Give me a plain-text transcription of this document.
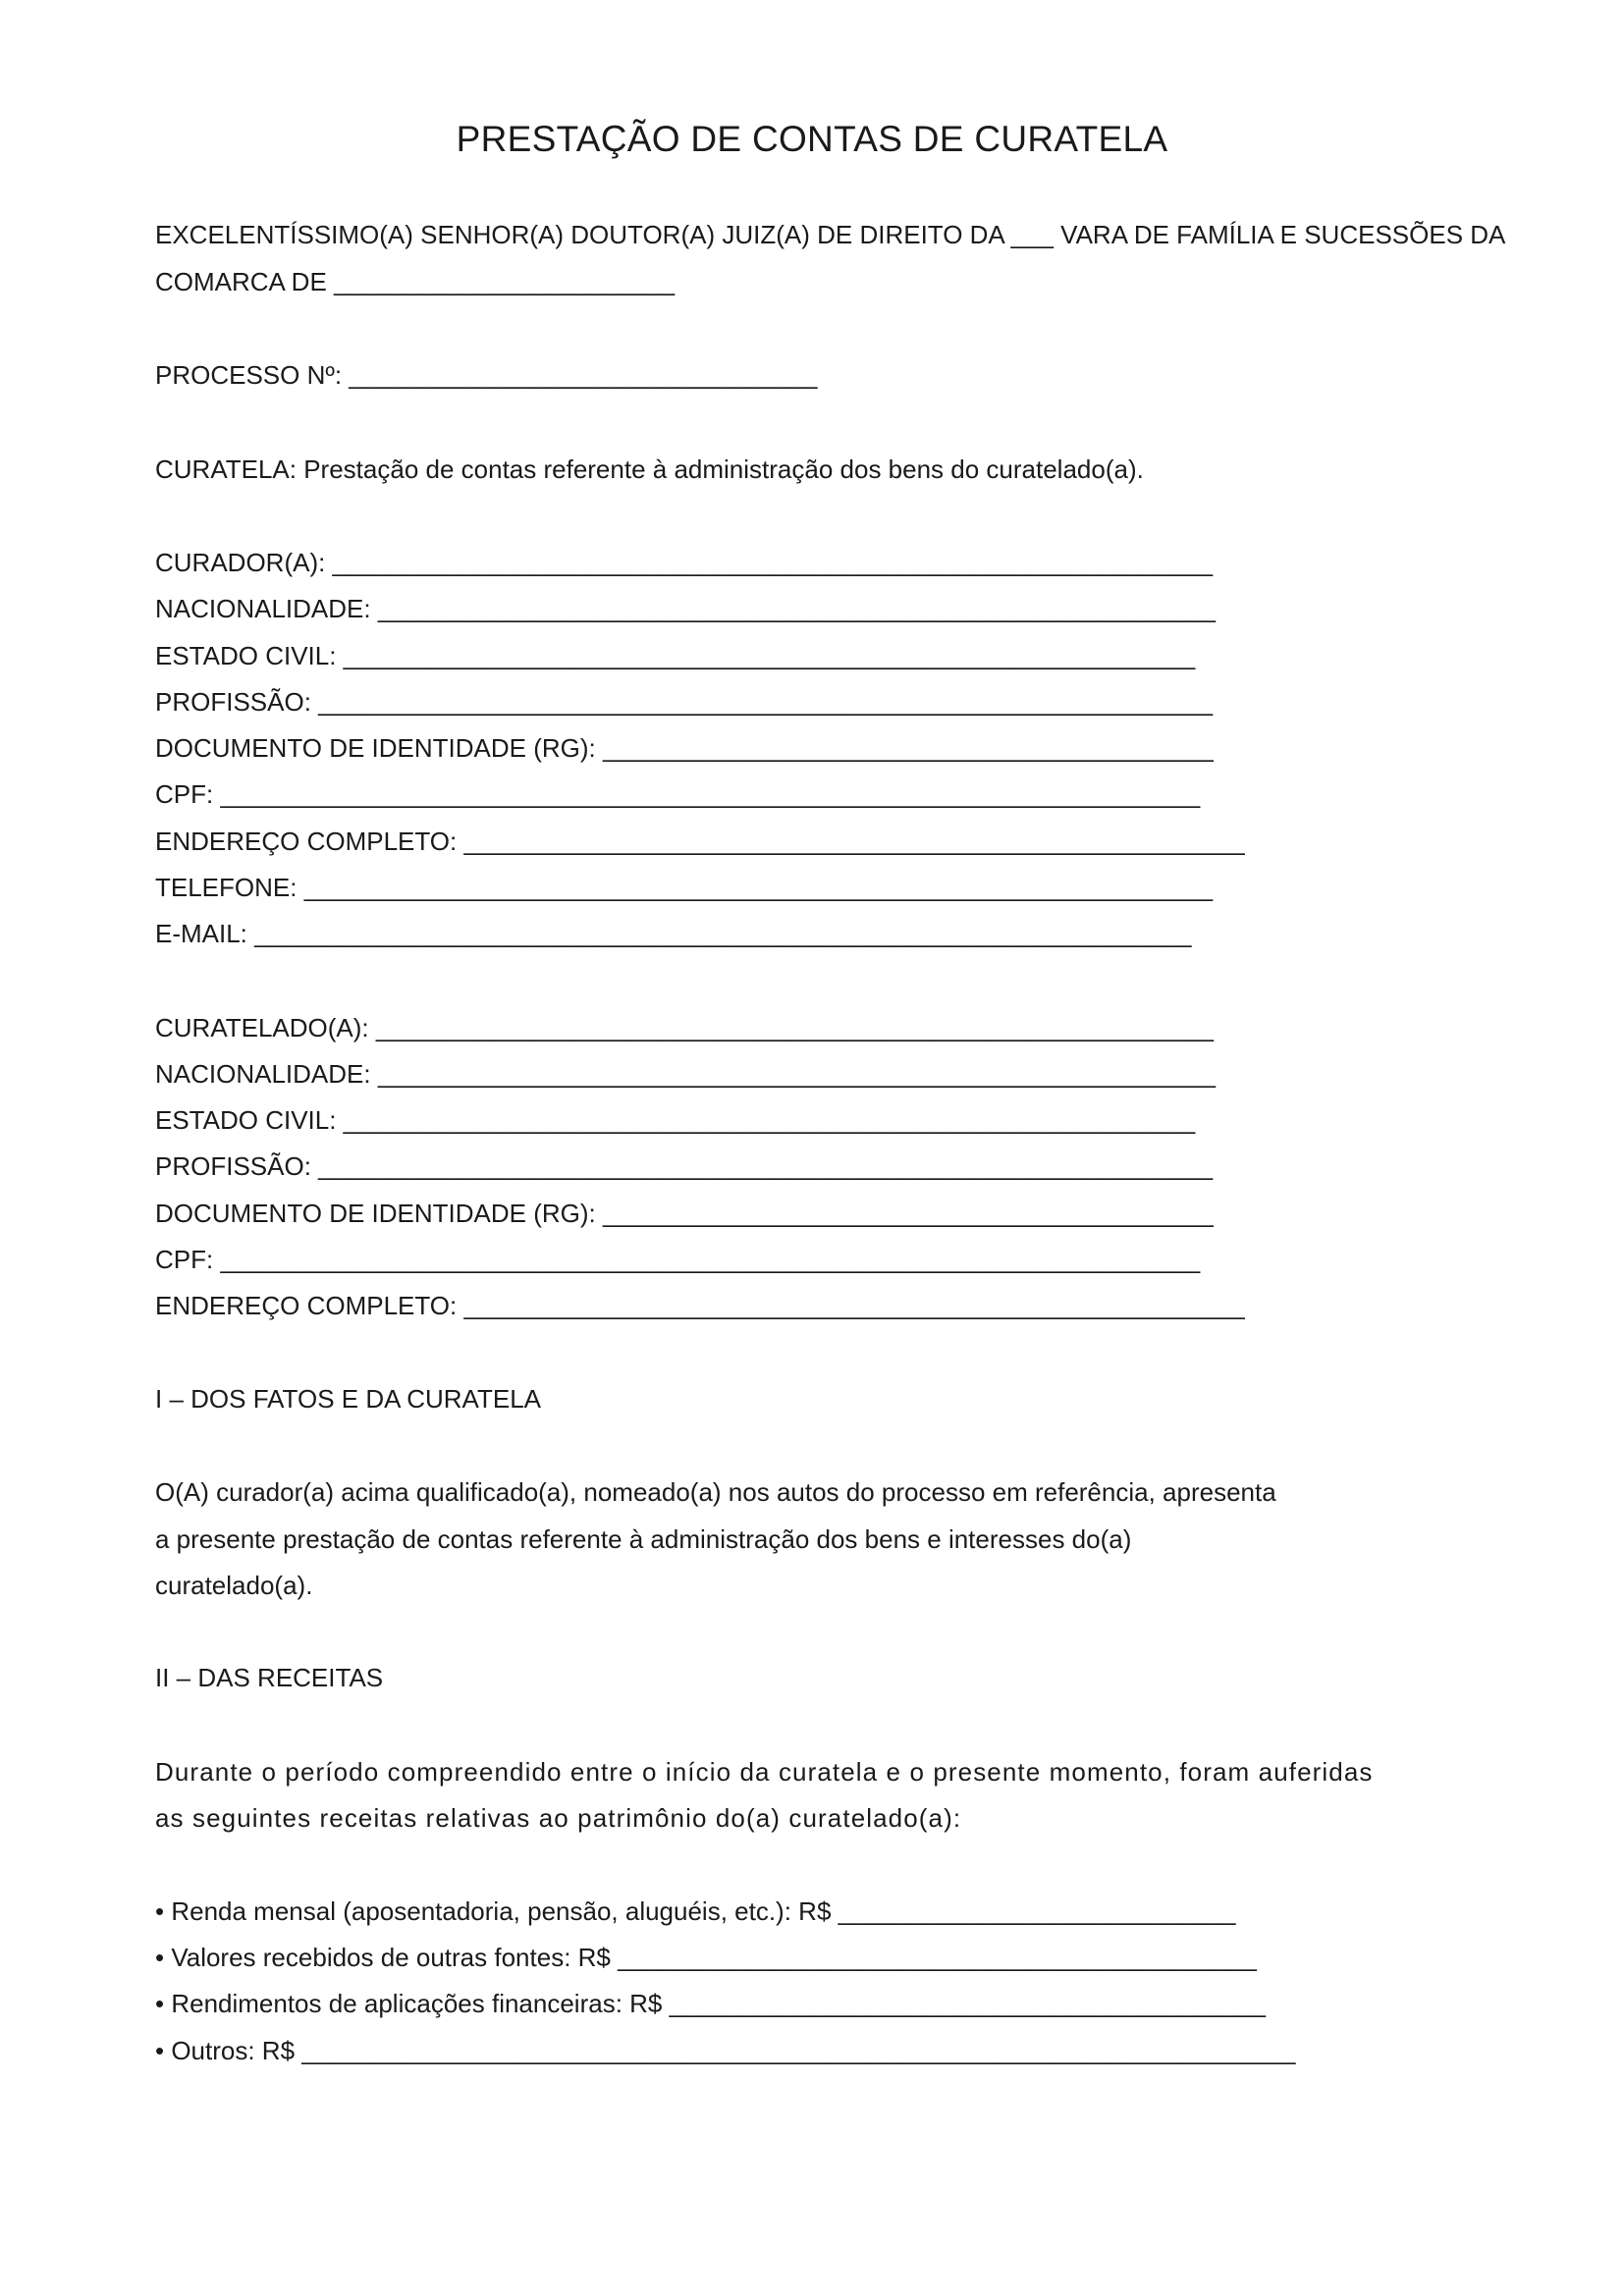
PRESTAÇÃO DE CONTAS DE CURATELA
EXCELENTÍSSIMO(A) SENHOR(A) DOUTOR(A) JUIZ(A) DE DIREITO DA ___ VARA DE FAMÍLIA E SUCESSÕES DA
COMARCA DE ________________________
PROCESSO Nº: _________________________________
CURATELA: Prestação de contas referente à administração dos bens do curatelado(a).
CURADOR(A): ______________________________________________________________
NACIONALIDADE: ___________________________________________________________
ESTADO CIVIL: ____________________________________________________________
PROFISSÃO: _______________________________________________________________
DOCUMENTO DE IDENTIDADE (RG): ___________________________________________
CPF: _____________________________________________________________________
ENDEREÇO COMPLETO: _______________________________________________________
TELEFONE: ________________________________________________________________
E-MAIL: __________________________________________________________________
CURATELADO(A): ___________________________________________________________
NACIONALIDADE: ___________________________________________________________
ESTADO CIVIL: ____________________________________________________________
PROFISSÃO: _______________________________________________________________
DOCUMENTO DE IDENTIDADE (RG): ___________________________________________
CPF: _____________________________________________________________________
ENDEREÇO COMPLETO: _______________________________________________________
I – DOS FATOS E DA CURATELA
O(A) curador(a) acima qualificado(a), nomeado(a) nos autos do processo em referência, apresenta
a presente prestação de contas referente à administração dos bens e interesses do(a)
curatelado(a).
II – DAS RECEITAS
Durante o período compreendido entre o início da curatela e o presente momento, foram auferidas
as seguintes receitas relativas ao patrimônio do(a) curatelado(a):
• Renda mensal (aposentadoria, pensão, aluguéis, etc.): R$ ____________________________
• Valores recebidos de outras fontes: R$ _____________________________________________
• Rendimentos de aplicações financeiras: R$ __________________________________________
• Outros: R$ ______________________________________________________________________
